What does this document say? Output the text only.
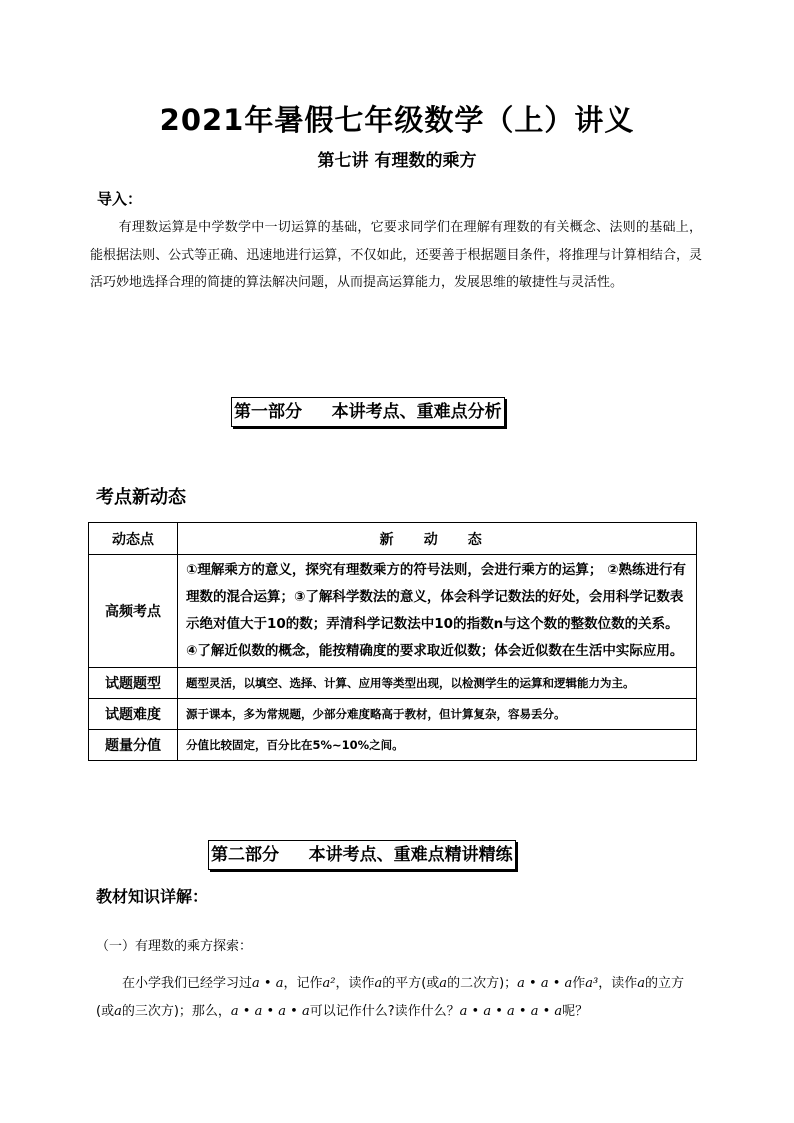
2021年暑假七年级数学（上）讲义
第七讲 有理数的乘方
导入：
有理数运算是中学数学中一切运算的基础，它要求同学们在理解有理数的有关概念、法则的基础上，能根据法则、公式等正确、迅速地进行运算，不仅如此，还要善于根据题目条件，将推理与计算相结合，灵活巧妙地选择合理的简捷的算法解决问题，从而提高运算能力，发展思维的敏捷性与灵活性。
第一部分     本讲考点、重难点分析
考点新动态
动态点	新 动 态
高频考点	①理解乘方的意义，探究有理数乘方的符号法则，会进行乘方的运算； ②熟练进行有理数的混合运算；③了解科学数法的意义，体会科学记数法的好处，会用科学记数表示绝对值大于10的数；弄清科学记数法中10的指数n与这个数的整数位数的关系。④了解近似数的概念，能按精确度的要求取近似数；体会近似数在生活中实际应用。
试题题型	题型灵活，以填空、选择、计算、应用等类型出现，以检测学生的运算和逻辑能力为主。
试题难度	源于课本，多为常规题，少部分难度略高于教材，但计算复杂，容易丢分。
题量分值	分值比较固定，百分比在5%~10%之间。
第二部分     本讲考点、重难点精讲精练
教材知识详解：
（一）有理数的乘方探索：
在小学我们已经学习过a • a，记作a²，读作a的平方(或a的二次方)；a • a • a作a³，读作a的立方(或a的三次方)；那么，a • a • a • a可以记作什么?读作什么？a • a • a • a • a呢？
